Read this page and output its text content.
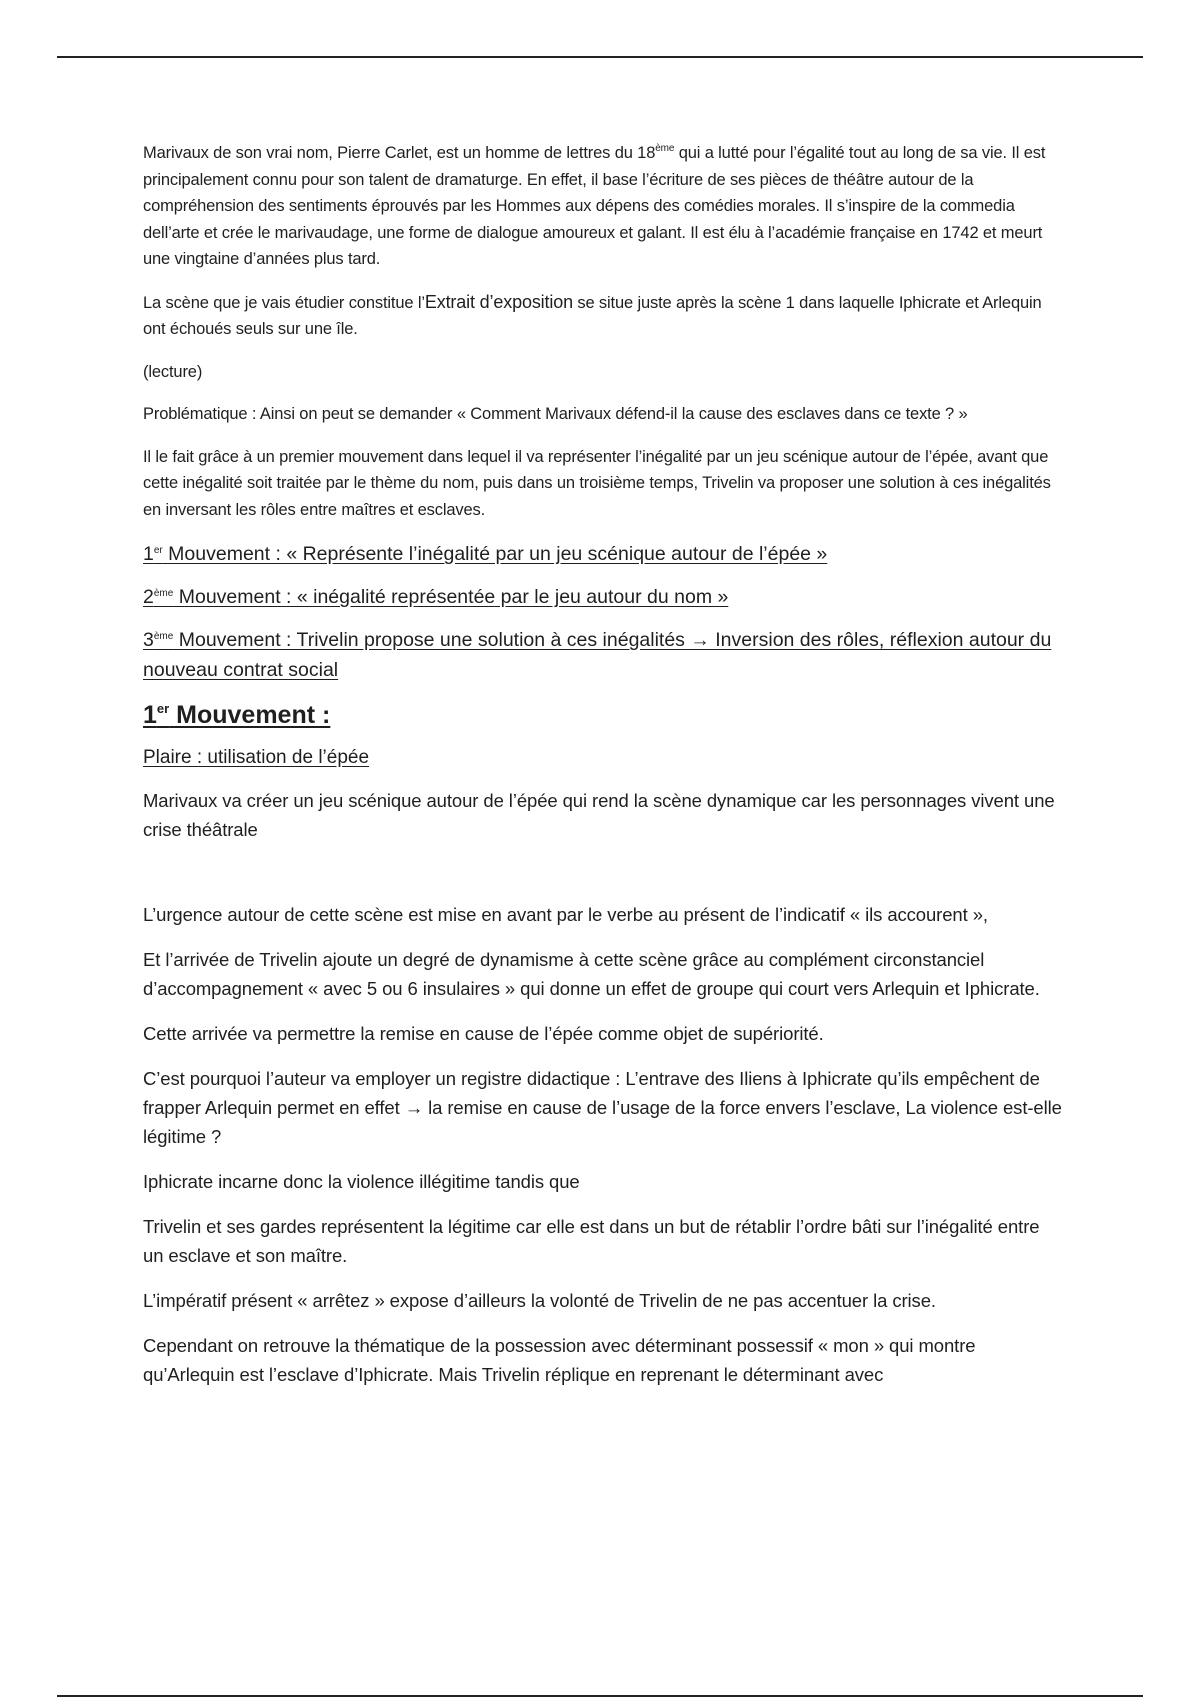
Marivaux de son vrai nom, Pierre Carlet, est un homme de lettres du 18ème qui a lutté pour l’égalité tout au long de sa vie. Il est principalement connu pour son talent de dramaturge. En effet, il base l’écriture de ses pièces de théâtre autour de la compréhension des sentiments éprouvés par les Hommes aux dépens des comédies morales. Il s’inspire de la commedia dell’arte et crée le marivaudage, une forme de dialogue amoureux et galant. Il est élu à l’académie française en 1742 et meurt une vingtaine d’années plus tard.

La scène que je vais étudier constitue l’Extrait d’exposition se situe juste après la scène 1 dans laquelle Iphicrate et Arlequin ont échoués seuls sur une île.

(lecture)

Problématique : Ainsi on peut se demander « Comment Marivaux défend-il la cause des esclaves dans ce texte ? »

Il le fait grâce à un premier mouvement dans lequel il va représenter l’inégalité par un jeu scénique autour de l’épée, avant que cette inégalité soit traitée par le thème du nom, puis dans un troisième temps, Trivelin va proposer une solution à ces inégalités en inversant les rôles entre maîtres et esclaves.

1er Mouvement : « Représente l’inégalité par un jeu scénique autour de l’épée »

2ème Mouvement : « inégalité représentée par le jeu autour du nom »

3ème Mouvement : Trivelin propose une solution à ces inégalités → Inversion des rôles, réflexion autour du nouveau contrat social

1er Mouvement :

Plaire : utilisation de l’épée

Marivaux va créer un jeu scénique autour de l’épée qui rend la scène dynamique car les personnages vivent une crise théâtrale

L’urgence autour de cette scène est mise en avant par le verbe au présent de l’indicatif « ils accourent »,

Et l’arrivée de Trivelin ajoute un degré de dynamisme à cette scène grâce au complément circonstanciel d’accompagnement « avec 5 ou 6 insulaires » qui donne un effet de groupe qui court vers Arlequin et Iphicrate.

Cette arrivée va permettre la remise en cause de l’épée comme objet de supériorité.

C’est pourquoi l’auteur va employer un registre didactique : L’entrave des Iliens à Iphicrate qu’ils empêchent de frapper Arlequin permet en effet → la remise en cause de l’usage de la force envers l’esclave, La violence est-elle légitime ?

Iphicrate incarne donc la violence illégitime tandis que

Trivelin et ses gardes représentent la légitime car elle est dans un but de rétablir l’ordre bâti sur l’inégalité entre un esclave et son maître.

L’impératif présent « arrêtez » expose d’ailleurs la volonté de Trivelin de ne pas accentuer la crise.

Cependant on retrouve la thématique de la possession avec déterminant possessif « mon » qui montre qu’Arlequin est l’esclave d’Iphicrate. Mais Trivelin réplique en reprenant le déterminant avec
